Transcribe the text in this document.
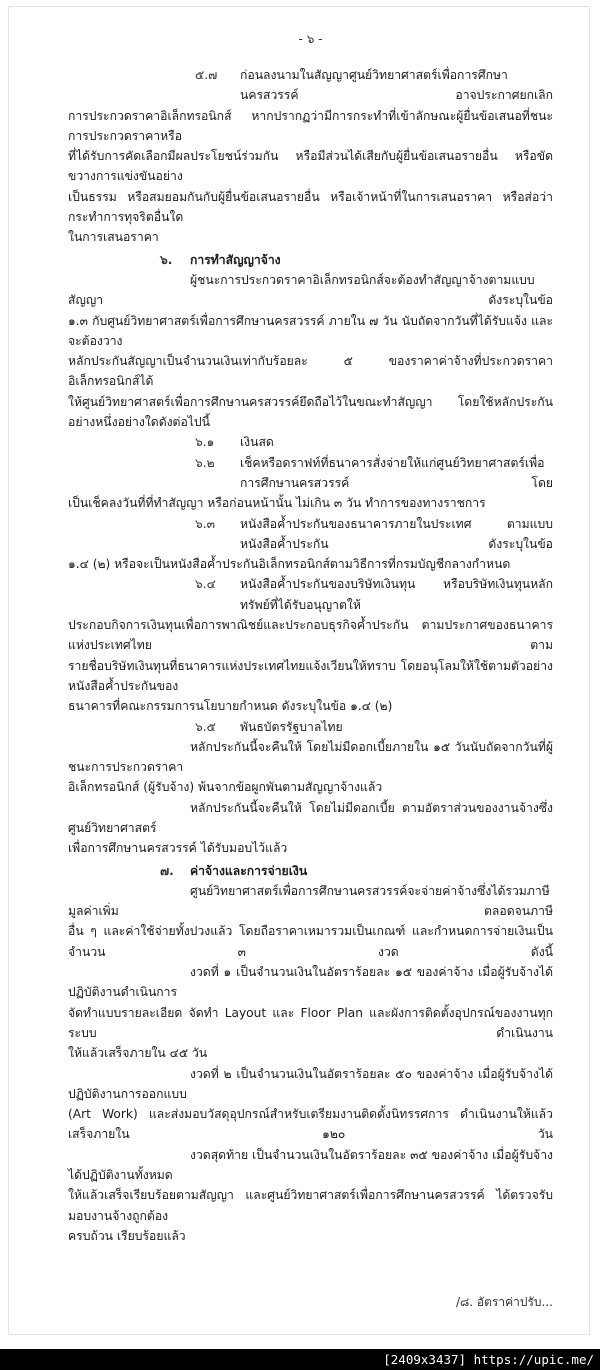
- ๖ -
๕.๗	ก่อนลงนามในสัญญาศูนย์วิทยาศาสตร์เพื่อการศึกษานครสวรรค์ อาจประกาศยกเลิก
การประกวดราคาอิเล็กทรอนิกส์ หากปรากฏว่ามีการกระทำที่เข้าลักษณะผู้ยื่นข้อเสนอที่ชนะการประกวดราคาหรือ
ที่ได้รับการคัดเลือกมีผลประโยชน์ร่วมกัน หรือมีส่วนได้เสียกับผู้ยื่นข้อเสนอรายอื่น หรือขัดขวางการแข่งขันอย่าง
เป็นธรรม หรือสมยอมกันกับผู้ยื่นข้อเสนอรายอื่น หรือเจ้าหน้าที่ในการเสนอราคา หรือส่อว่ากระทำการทุจริตอื่นใด
ในการเสนอราคา
๖.	การทำสัญญาจ้าง
ผู้ชนะการประกวดราคาอิเล็กทรอนิกส์จะต้องทำสัญญาจ้างตามแบบสัญญา ดังระบุในข้อ
๑.๓ กับศูนย์วิทยาศาสตร์เพื่อการศึกษานครสวรรค์ ภายใน ๗ วัน นับถัดจากวันที่ได้รับแจ้ง และจะต้องวาง
หลักประกันสัญญาเป็นจำนวนเงินเท่ากับร้อยละ ๕ ของราคาค่าจ้างที่ประกวดราคาอิเล็กทรอนิกส์ได้
ให้ศูนย์วิทยาศาสตร์เพื่อการศึกษานครสวรรค์ยึดถือไว้ในขณะทำสัญญา โดยใช้หลักประกันอย่างหนึ่งอย่างใดดังต่อไปนี้
๖.๑	เงินสด
๖.๒	เช็คหรือดราฟท์ที่ธนาคารสั่งจ่ายให้แก่ศูนย์วิทยาศาสตร์เพื่อการศึกษานครสวรรค์ โดย
เป็นเช็คลงวันที่ที่ทำสัญญา หรือก่อนหน้านั้น ไม่เกิน ๓ วัน ทำการของทางราชการ
๖.๓	หนังสือค้ำประกันของธนาคารภายในประเทศ ตามแบบหนังสือค้ำประกัน ดังระบุในข้อ
๑.๔ (๒) หรือจะเป็นหนังสือค้ำประกันอิเล็กทรอนิกส์ตามวิธีการที่กรมบัญชีกลางกำหนด
๖.๔	หนังสือค้ำประกันของบริษัทเงินทุน หรือบริษัทเงินทุนหลักทรัพย์ที่ได้รับอนุญาตให้
ประกอบกิจการเงินทุนเพื่อการพาณิชย์และประกอบธุรกิจค้ำประกัน ตามประกาศของธนาคารแห่งประเทศไทย ตาม
รายชื่อบริษัทเงินทุนที่ธนาคารแห่งประเทศไทยแจ้งเวียนให้ทราบ โดยอนุโลมให้ใช้ตามตัวอย่างหนังสือค้ำประกันของ
ธนาคารที่คณะกรรมการนโยบายกำหนด ดังระบุในข้อ ๑.๔ (๒)
๖.๕	พันธบัตรรัฐบาลไทย
หลักประกันนี้จะคืนให้ โดยไม่มีดอกเบี้ยภายใน ๑๕ วันนับถัดจากวันที่ผู้ชนะการประกวดราคา
อิเล็กทรอนิกส์ (ผู้รับจ้าง) พ้นจากข้อผูกพันตามสัญญาจ้างแล้ว
หลักประกันนี้จะคืนให้ โดยไม่มีดอกเบี้ย ตามอัตราส่วนของงานจ้างซึ่งศูนย์วิทยาศาสตร์
เพื่อการศึกษานครสวรรค์ ได้รับมอบไว้แล้ว
๗.	ค่าจ้างและการจ่ายเงิน
ศูนย์วิทยาศาสตร์เพื่อการศึกษานครสวรรค์จะจ่ายค่าจ้างซึ่งได้รวมภาษีมูลค่าเพิ่ม ตลอดจนภาษี
อื่น ๆ และค่าใช้จ่ายทั้งปวงแล้ว โดยถือราคาเหมารวมเป็นเกณฑ์ และกำหนดการจ่ายเงินเป็น จำนวน ๓ งวด ดังนี้
งวดที่ ๑ เป็นจำนวนเงินในอัตราร้อยละ ๑๕ ของค่าจ้าง เมื่อผู้รับจ้างได้ปฏิบัติงานดำเนินการ
จัดทำแบบรายละเอียด จัดทำ Layout และ Floor Plan และผังการติดตั้งอุปกรณ์ของงานทุกระบบ ดำเนินงาน
ให้แล้วเสร็จภายใน ๔๕ วัน
งวดที่ ๒ เป็นจำนวนเงินในอัตราร้อยละ ๕๐ ของค่าจ้าง เมื่อผู้รับจ้างได้ปฏิบัติงานการออกแบบ
(Art Work) และส่งมอบวัสดุอุปกรณ์สำหรับเตรียมงานติดตั้งนิทรรศการ ดำเนินงานให้แล้วเสร็จภายใน ๑๒๐ วัน
งวดสุดท้าย เป็นจำนวนเงินในอัตราร้อยละ ๓๕ ของค่าจ้าง เมื่อผู้รับจ้างได้ปฏิบัติงานทั้งหมด
ให้แล้วเสร็จเรียบร้อยตามสัญญา และศูนย์วิทยาศาสตร์เพื่อการศึกษานครสวรรค์ ได้ตรวจรับมอบงานจ้างถูกต้อง
ครบถ้วน เรียบร้อยแล้ว
/๘. อัตราค่าปรับ...
[2409x3437] https://upic.me/
